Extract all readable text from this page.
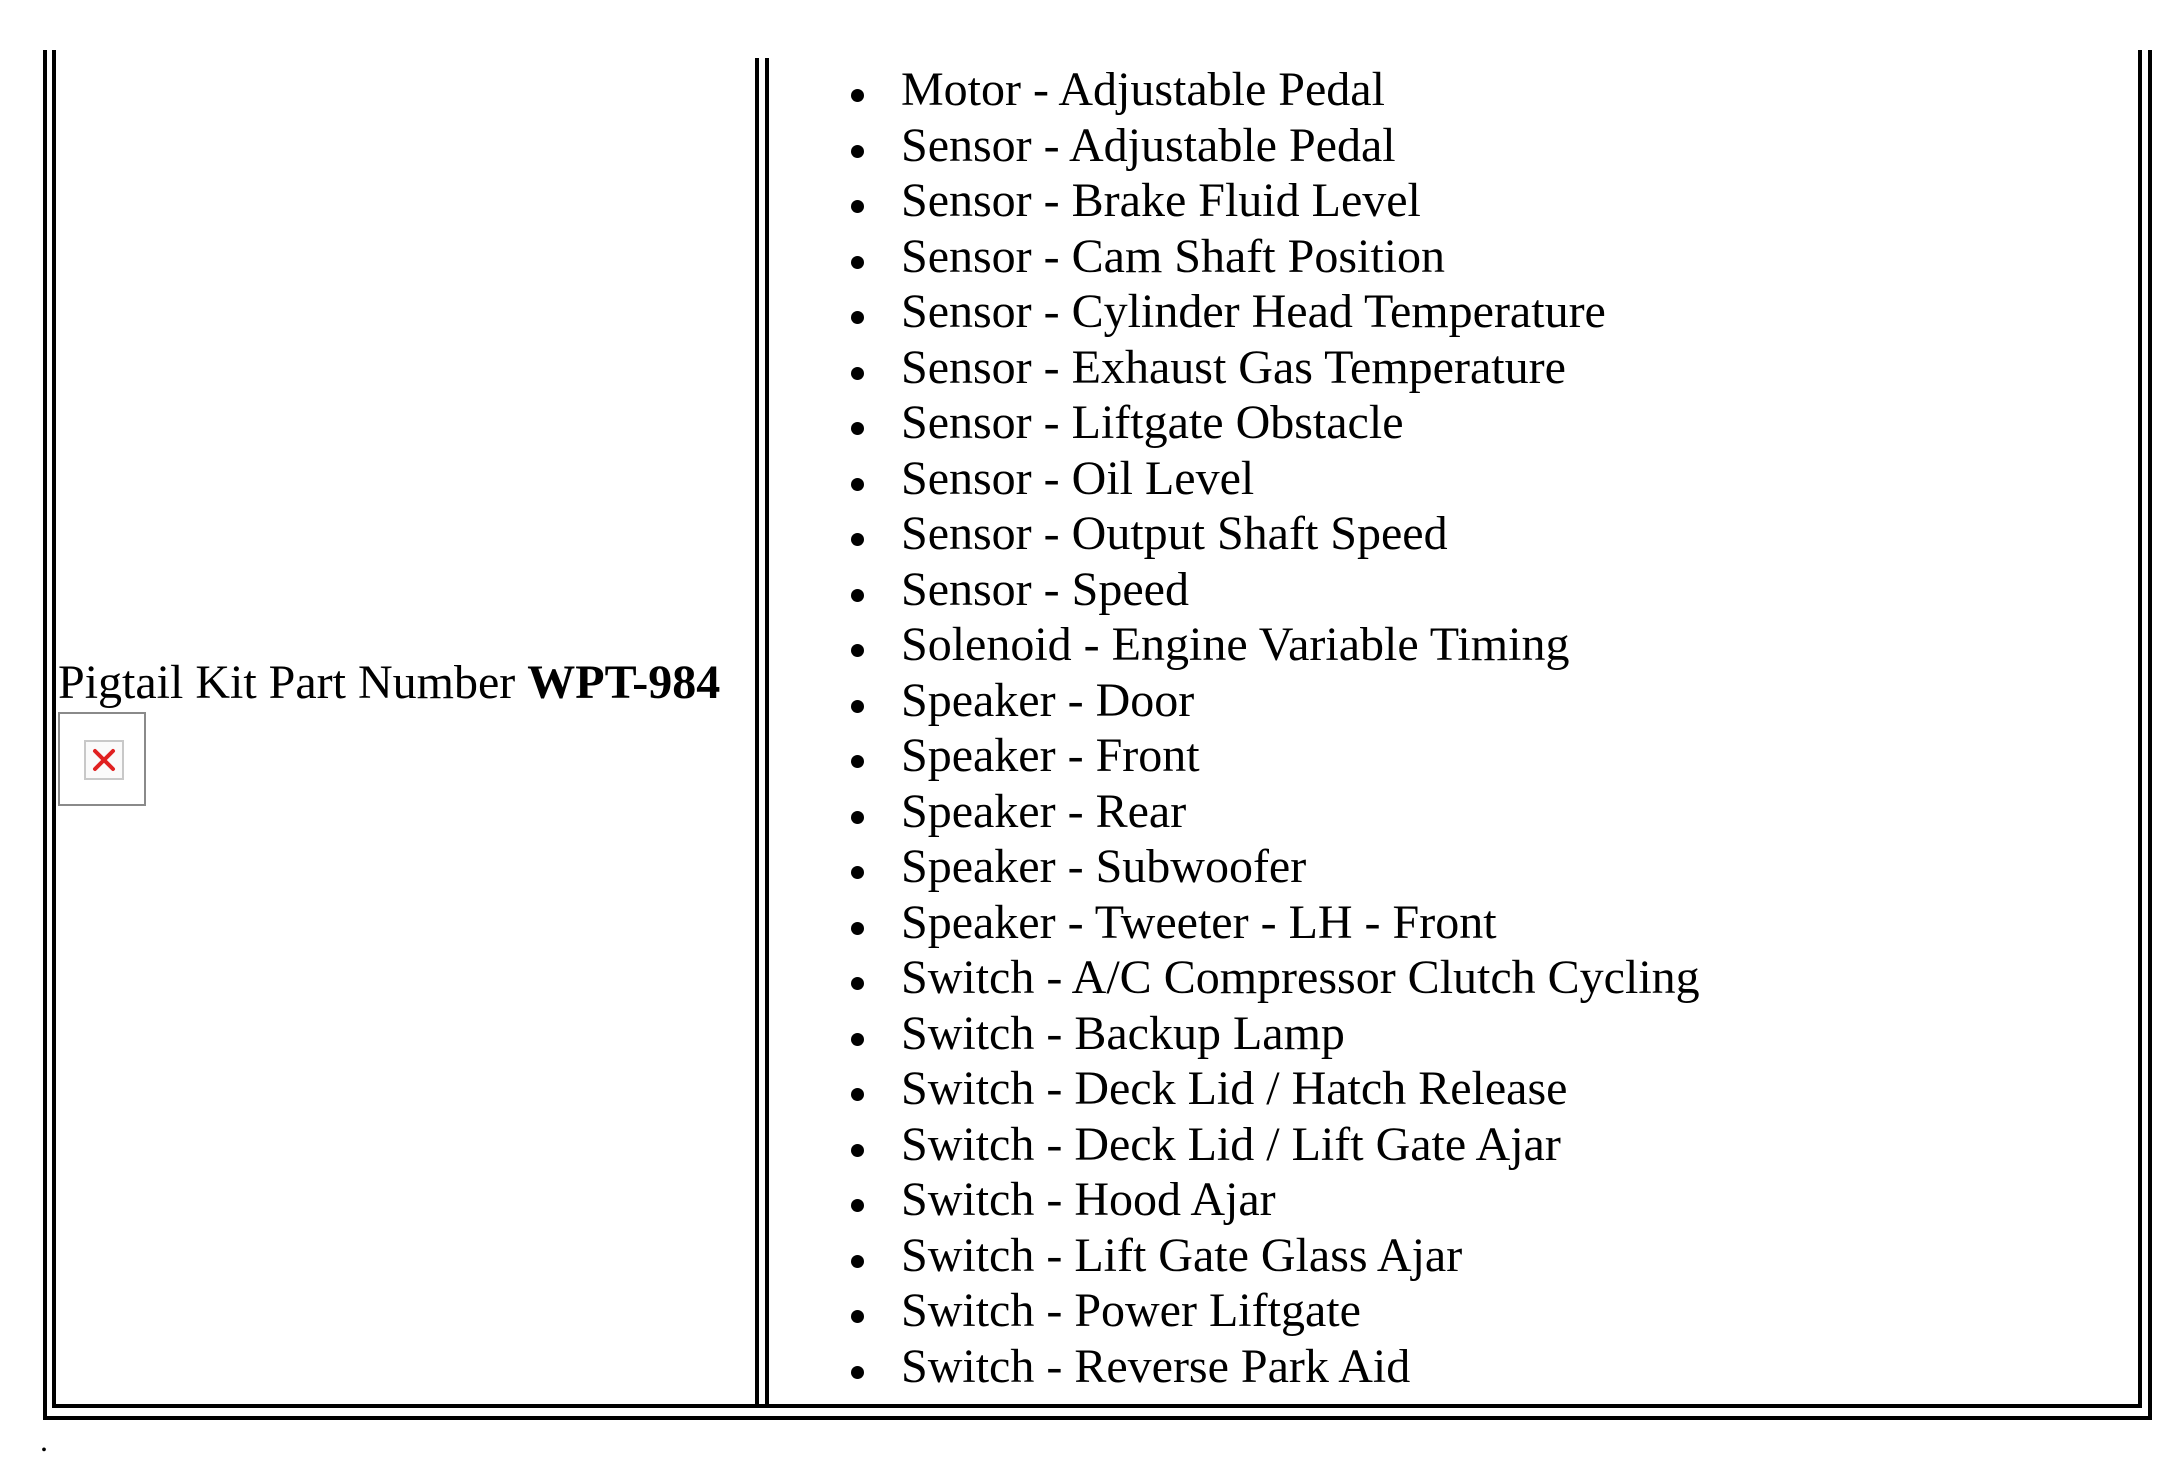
Pigtail Kit Part Number WPT-984
Motor - Adjustable Pedal
Sensor - Adjustable Pedal
Sensor - Brake Fluid Level
Sensor - Cam Shaft Position
Sensor - Cylinder Head Temperature
Sensor - Exhaust Gas Temperature
Sensor - Liftgate Obstacle
Sensor - Oil Level
Sensor - Output Shaft Speed
Sensor - Speed
Solenoid - Engine Variable Timing
Speaker - Door
Speaker - Front
Speaker - Rear
Speaker - Subwoofer
Speaker - Tweeter - LH - Front
Switch - A/C Compressor Clutch Cycling
Switch - Backup Lamp
Switch - Deck Lid / Hatch Release
Switch - Deck Lid / Lift Gate Ajar
Switch - Hood Ajar
Switch - Lift Gate Glass Ajar
Switch - Power Liftgate
Switch - Reverse Park Aid
.
